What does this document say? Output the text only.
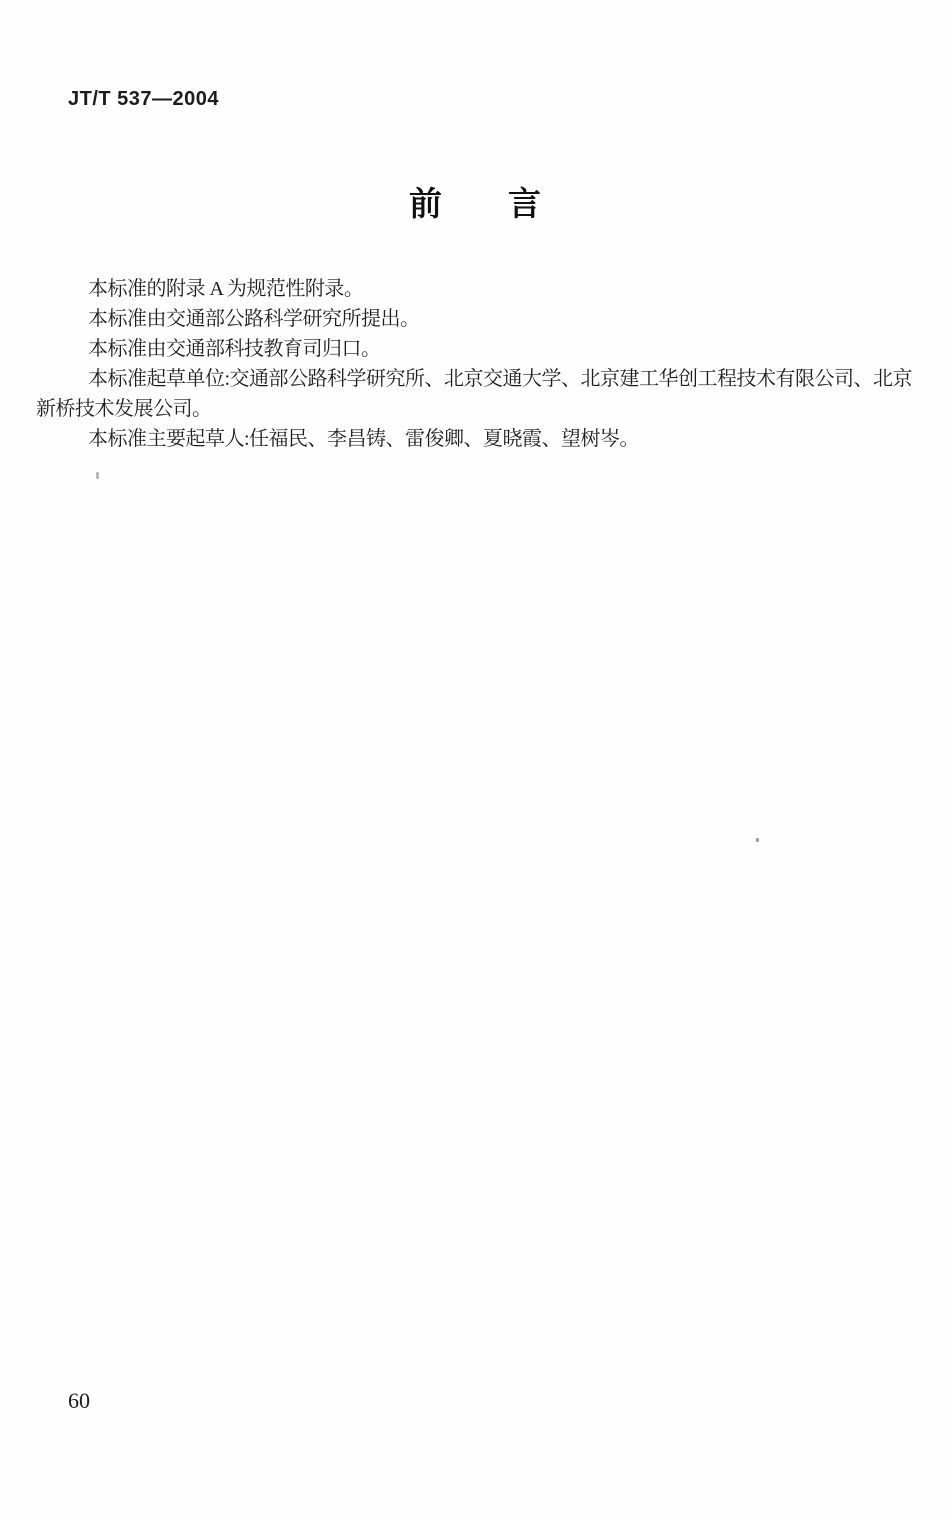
JT/T 537—2004
前　　言

本标准的附录 A 为规范性附录。

本标准由交通部公路科学研究所提出。

本标准由交通部科技教育司归口。

本标准起草单位:交通部公路科学研究所、北京交通大学、北京建工华创工程技术有限公司、北京新桥技术发展公司。

本标准主要起草人:任福民、李昌铸、雷俊卿、夏晓霞、望树岑。

60
